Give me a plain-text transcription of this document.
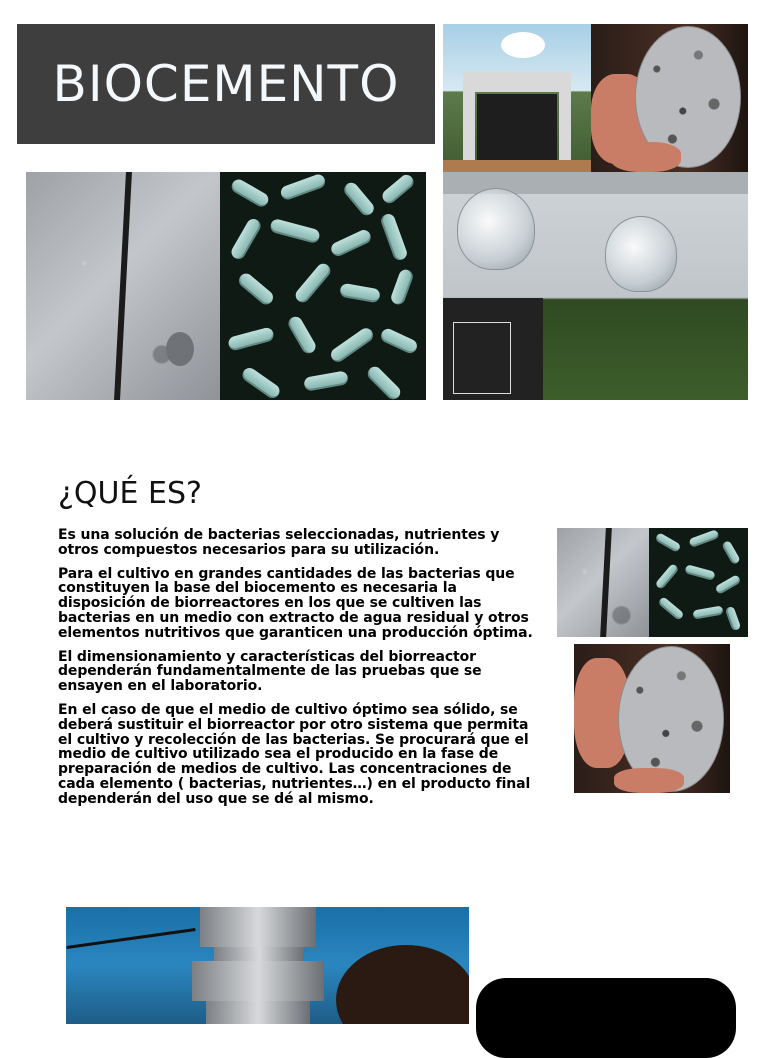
BIOCEMENTO
¿QUÉ ES?

Es una solución de bacterias seleccionadas, nutrientes y otros compuestos necesarios para su utilización.

Para el cultivo en grandes cantidades de las bacterias que constituyen la base del biocemento es necesaria la disposición de biorreactores en los que se cultiven las bacterias en un medio con extracto de agua residual y otros elementos nutritivos que garanticen una producción óptima.

El dimensionamiento y características del biorreactor dependerán fundamentalmente de las pruebas que se ensayen en el laboratorio.

En el caso de que el medio de cultivo óptimo sea sólido, se deberá sustituir el biorreactor por otro sistema que permita el cultivo y recolección de las bacterias. Se procurará que el medio de cultivo utilizado sea el producido en la fase de preparación de medios de cultivo. Las concentraciones de cada elemento ( bacterias, nutrientes…) en el producto final dependerán del uso que se dé al mismo.
